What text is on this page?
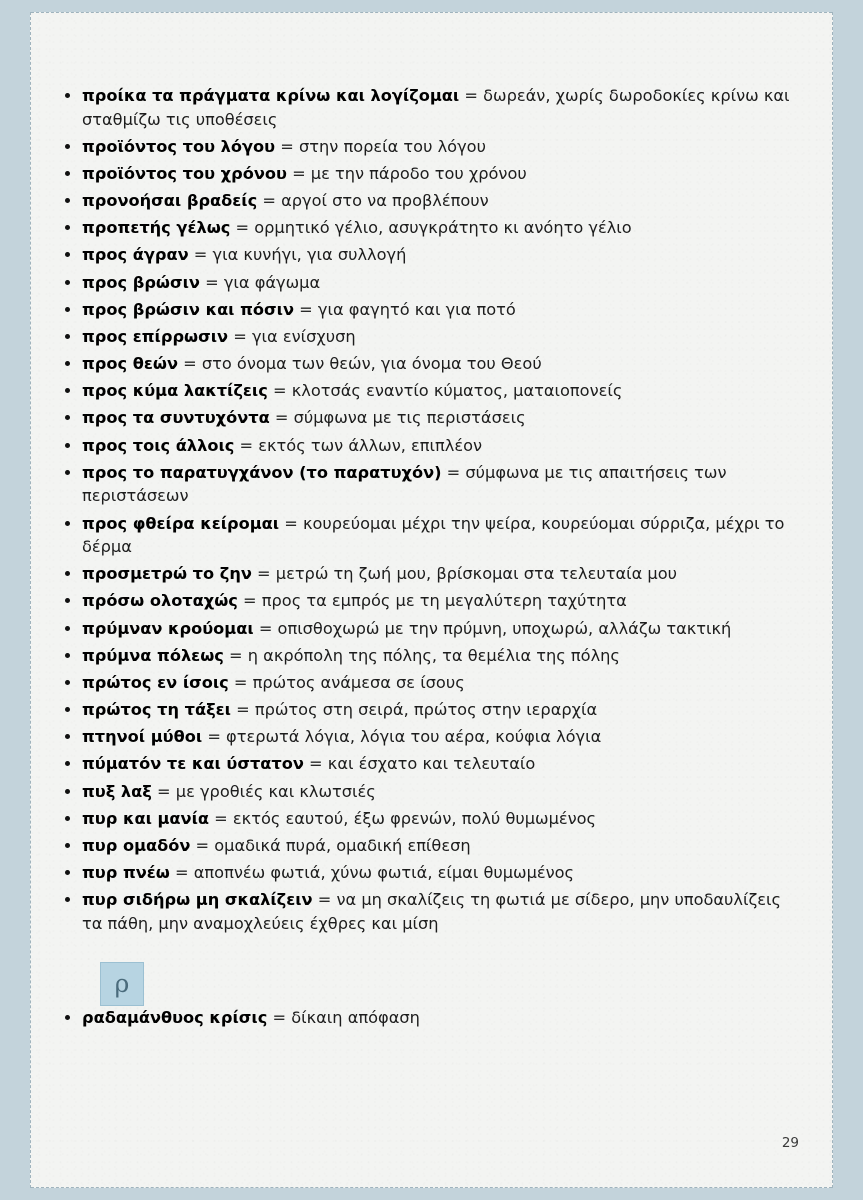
προίκα τα πράγματα κρίνω και λογίζομαι = δωρεάν, χωρίς δωροδοκίες κρίνω και σταθμίζω τις υποθέσεις
προϊόντος του λόγου = στην πορεία του λόγου
προϊόντος του χρόνου = με την πάροδο του χρόνου
προνοήσαι βραδείς = αργοί στο να προβλέπουν
προπετής γέλως = ορμητικό γέλιο, ασυγκράτητο κι ανόητο γέλιο
προς άγραν = για κυνήγι, για συλλογή
προς βρώσιν = για φάγωμα
προς βρώσιν και πόσιν = για φαγητό και για ποτό
προς επίρρωσιν = για ενίσχυση
προς θεών = στο όνομα των θεών, για όνομα του Θεού
προς κύμα λακτίζεις = κλοτσάς εναντίο κύματος, ματαιοπονείς
προς τα συντυχόντα = σύμφωνα με τις περιστάσεις
προς τοις άλλοις = εκτός των άλλων, επιπλέον
προς το παρατυγχάνον (το παρατυχόν) = σύμφωνα με τις απαιτήσεις των περιστάσεων
προς φθείρα κείρομαι = κουρεύομαι μέχρι την ψείρα, κουρεύομαι σύρριζα, μέχρι το δέρμα
προσμετρώ το ζην = μετρώ τη ζωή μου, βρίσκομαι στα τελευταία μου
πρόσω ολοταχώς = προς τα εμπρός με τη μεγαλύτερη ταχύτητα
πρύμναν κρούομαι = οπισθοχωρώ με την πρύμνη, υποχωρώ, αλλάζω τακτική
πρύμνα πόλεως = η ακρόπολη της πόλης, τα θεμέλια της πόλης
πρώτος εν ίσοις = πρώτος ανάμεσα σε ίσους
πρώτος τη τάξει = πρώτος στη σειρά, πρώτος στην ιεραρχία
πτηνοί μύθοι = φτερωτά λόγια, λόγια του αέρα, κούφια λόγια
πύματόν τε και ύστατον = και έσχατο και τελευταίο
πυξ λαξ = με γροθιές και κλωτσιές
πυρ και μανία = εκτός εαυτού, έξω φρενών, πολύ θυμωμένος
πυρ ομαδόν = ομαδικά πυρά, ομαδική επίθεση
πυρ πνέω = αποπνέω φωτιά, χύνω φωτιά, είμαι θυμωμένος
πυρ σιδήρω μη σκαλίζειν = να μη σκαλίζεις τη φωτιά με σίδερο, μην υποδαυλίζεις τα πάθη, μην αναμοχλεύεις έχθρες και μίση
ρ
ραδαμάνθυος κρίσις = δίκαιη απόφαση
29
